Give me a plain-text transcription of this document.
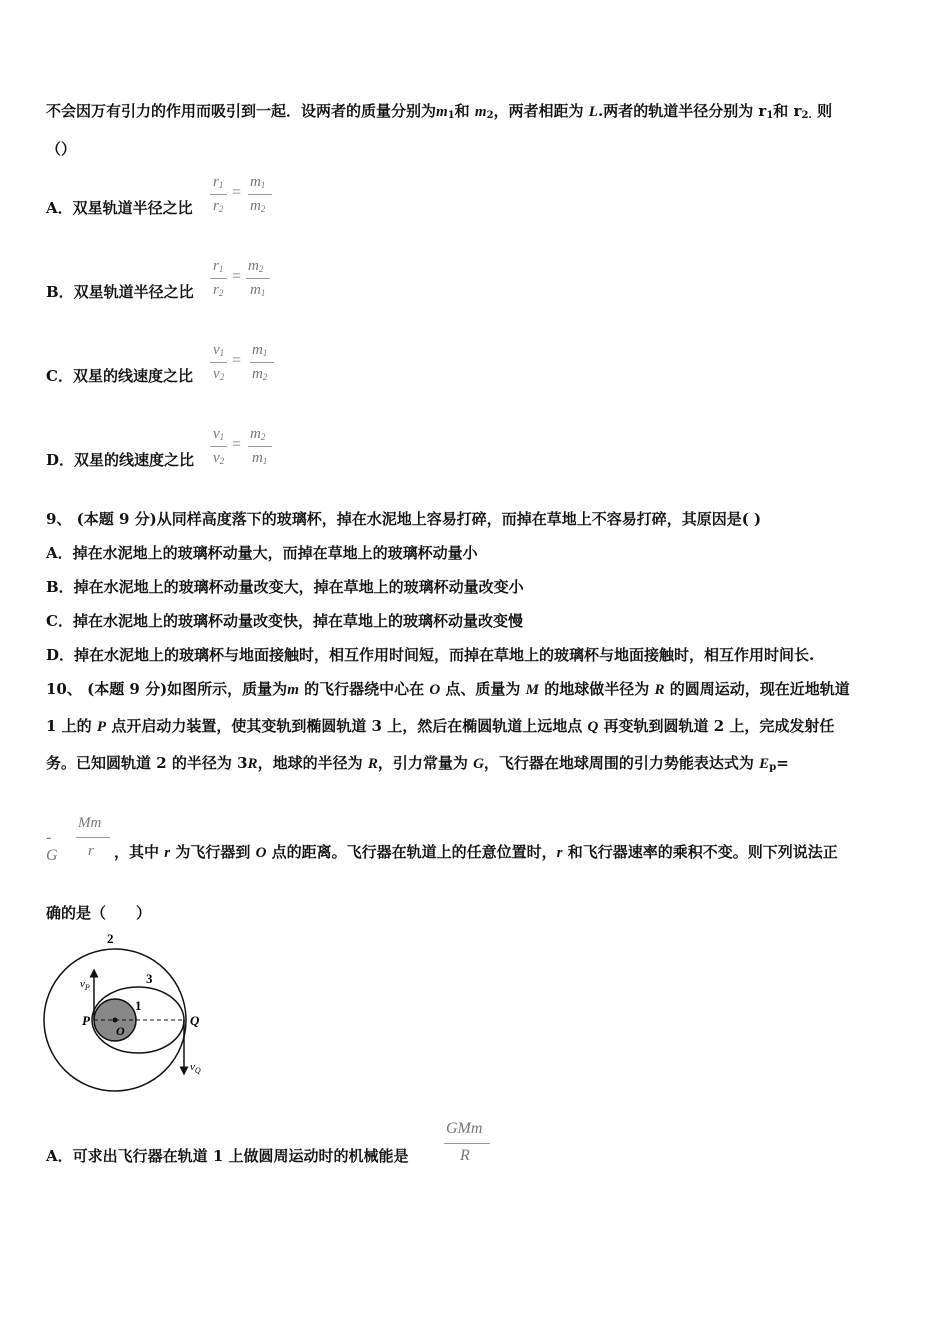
不会因万有引力的作用而吸引到一起．设两者的质量分别为$m_1$和 $m_2$，两者相距为 L.两者的轨道半径分别为 $r_1$和 $r_{2.}$ 则
（）
A．双星轨道半径之比
$r_1$
$r_2$
=
$m_1$
$m_2$
B．双星轨道半径之比
$r_1$
$r_2$
=
$m_2$
$m_1$
C．双星的线速度之比
$v_1$
$v_2$
=
$m_1$
$m_2$
D．双星的线速度之比
$v_1$
$v_2$
=
$m_2$
$m_1$
9、 (本题 9 分)从同样高度落下的玻璃杯，掉在水泥地上容易打碎，而掉在草地上不容易打碎，其原因是( )
A．掉在水泥地上的玻璃杯动量大，而掉在草地上的玻璃杯动量小
B．掉在水泥地上的玻璃杯动量改变大，掉在草地上的玻璃杯动量改变小
C．掉在水泥地上的玻璃杯动量改变快，掉在草地上的玻璃杯动量改变慢
D．掉在水泥地上的玻璃杯与地面接触时，相互作用时间短，而掉在草地上的玻璃杯与地面接触时，相互作用时间长.
10、 (本题 9 分)如图所示，质量为m 的飞行器绕中心在 O 点、质量为 M 的地球做半径为 R 的圆周运动，现在近地轨道
1 上的 P 点开启动力装置，使其变轨到椭圆轨道 3 上，然后在椭圆轨道上远地点 Q 再变轨到圆轨道 2 上，完成发射任
务。已知圆轨道 2 的半径为 3R，地球的半径为 R，引力常量为 G，飞行器在地球周围的引力势能表达式为 $E_p=$
- G
Mm
r ，其中 r 为飞行器到 O 点的距离。飞行器在轨道上的任意位置时，r 和飞行器速率的乘积不变。则下列说法正
确的是（　　）
2
3
1
P
O
Q
$v_P$
$v_Q$
A．可求出飞行器在轨道 1 上做圆周运动时的机械能是
GMm
R
